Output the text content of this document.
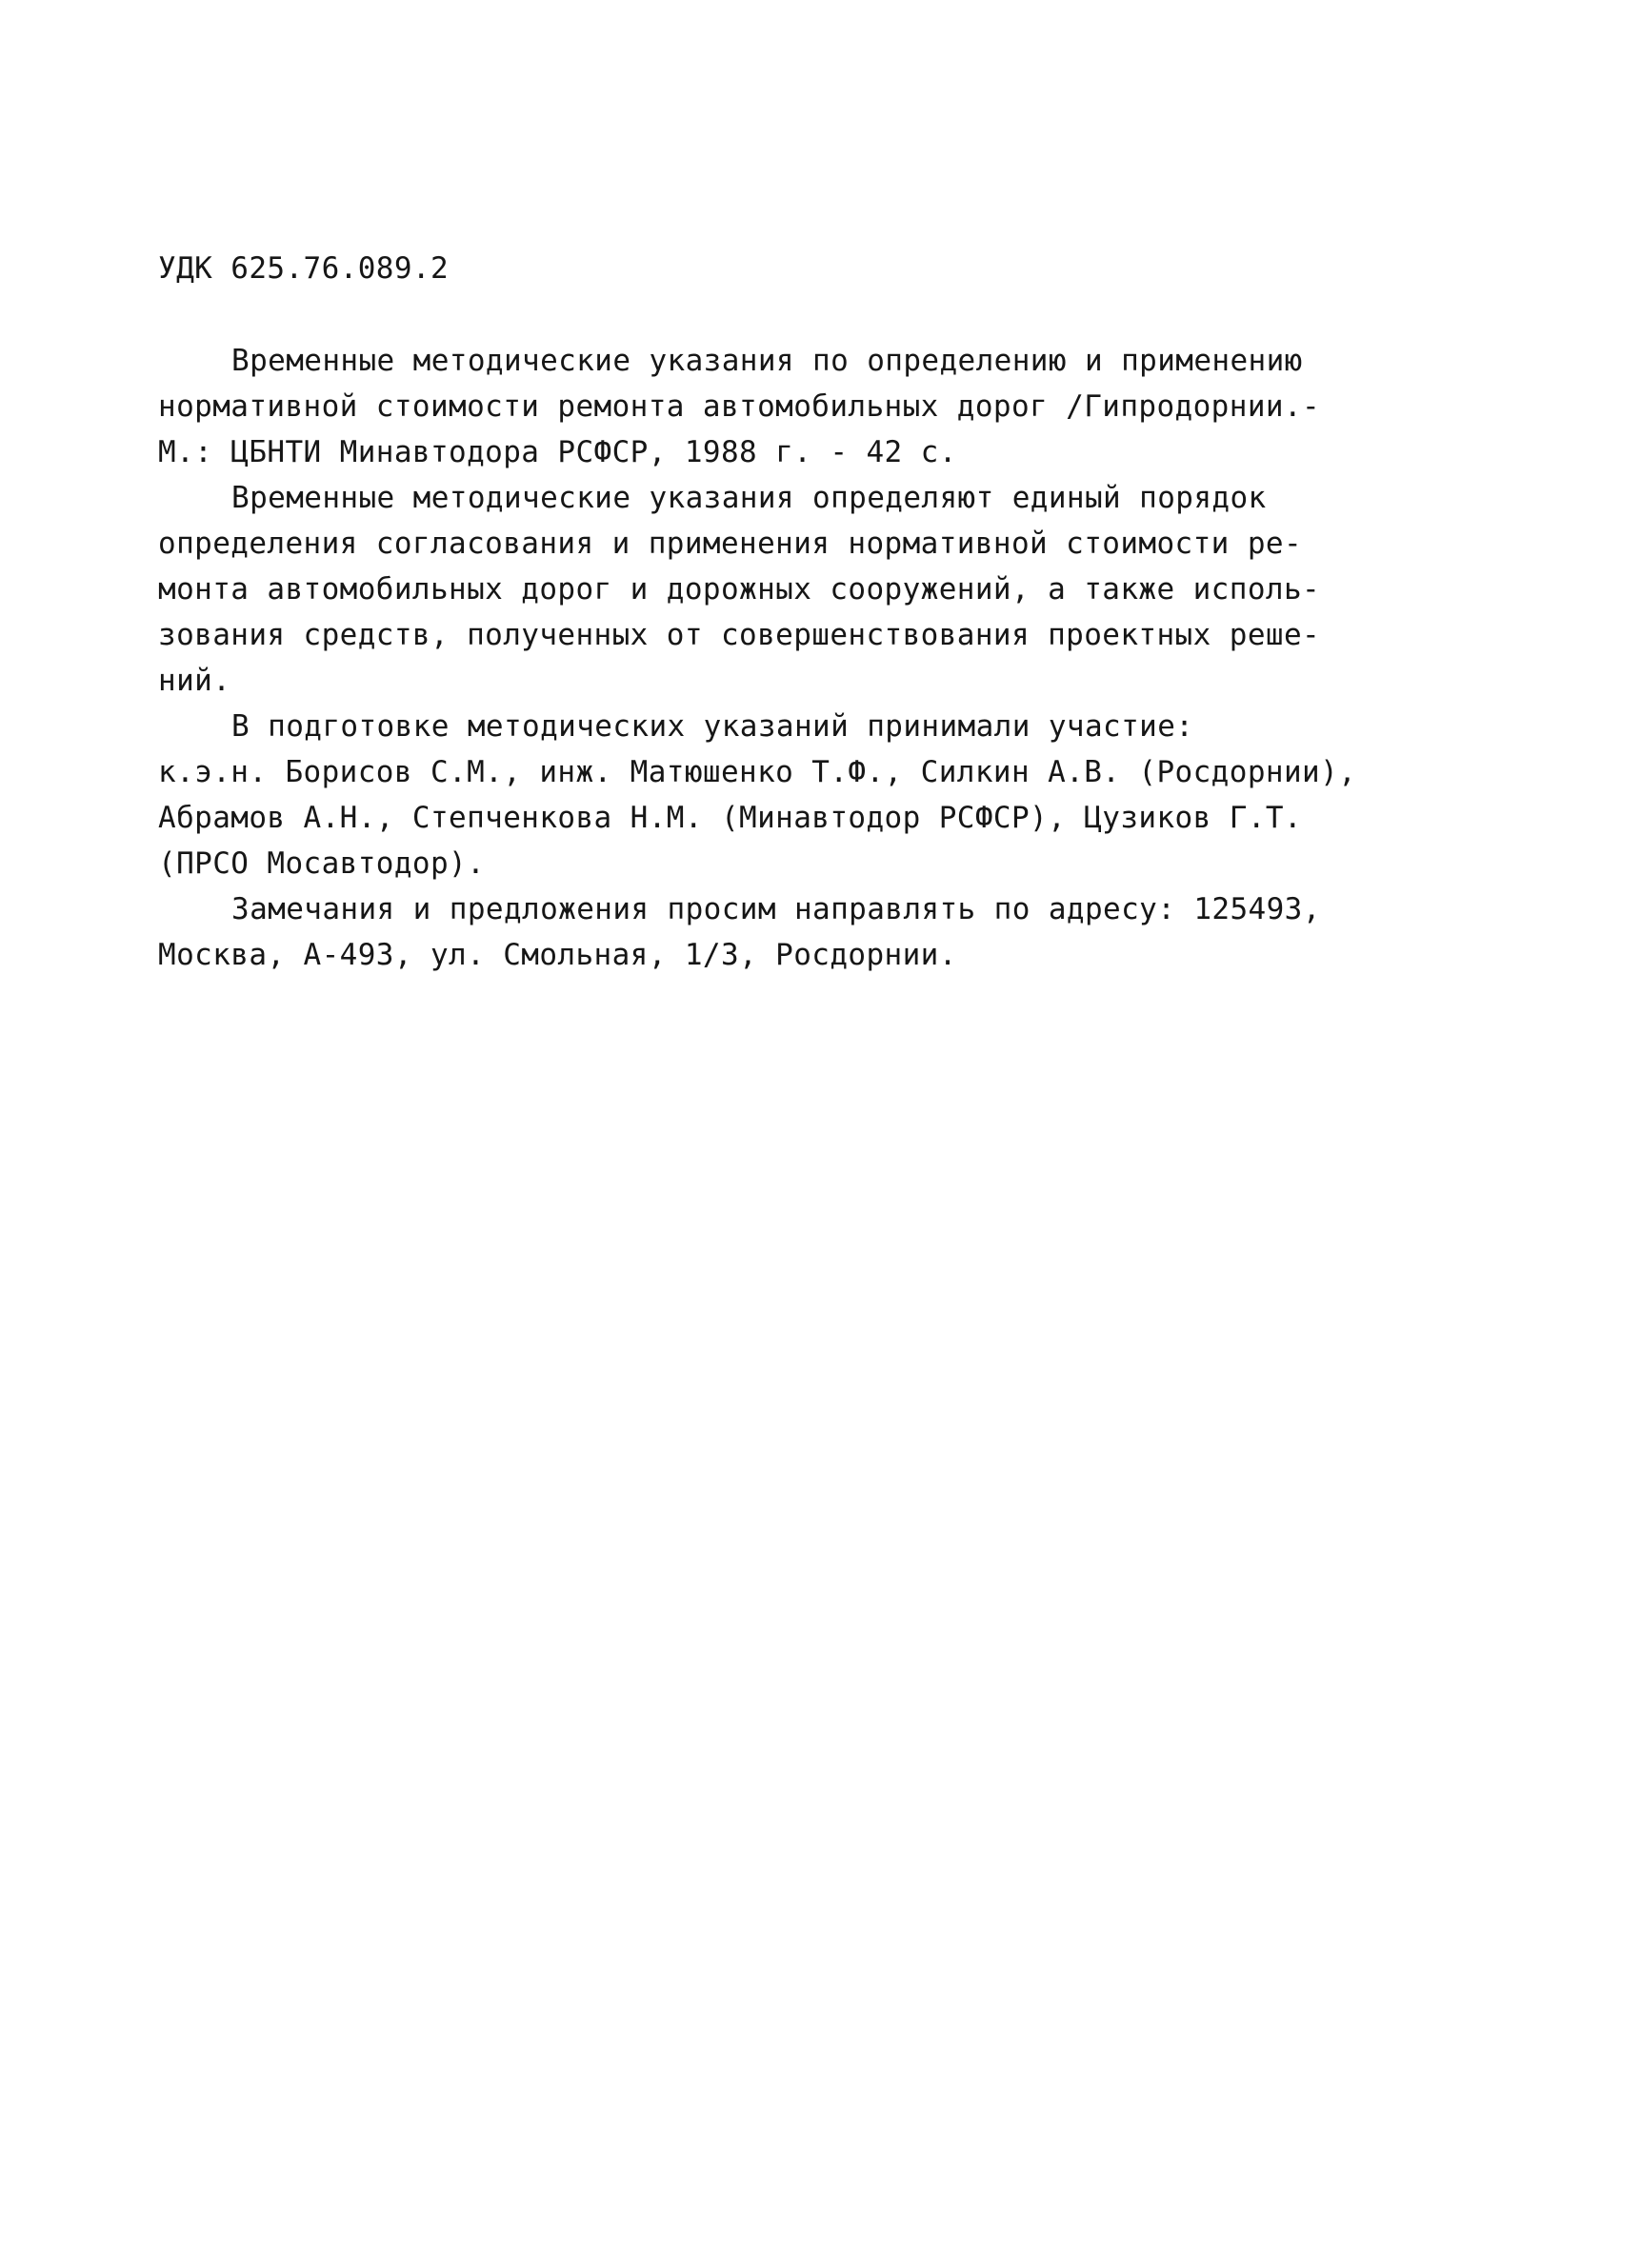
УДК 625.76.089.2
Временные методические указания по определению и применению
нормативной стоимости ремонта автомобильных дорог /Гипродорнии.-
М.: ЦБНТИ Минавтодора РСФСР, 1988 г. - 42 с.
Временные методические указания определяют единый порядок
определения согласования и применения нормативной стоимости ре-
монта автомобильных дорог и дорожных сооружений, а также исполь-
зования средств, полученных от совершенствования проектных реше-
ний.
В подготовке методических указаний принимали участие:
к.э.н. Борисов С.М., инж. Матюшенко Т.Ф., Силкин А.В. (Росдорнии),
Абрамов А.Н., Степченкова Н.М. (Минавтодор РСФСР), Цузиков Г.Т.
(ПРСО Мосавтодор).
Замечания и предложения просим направлять по адресу: 125493,
Москва, А-493, ул. Смольная, 1/3, Росдорнии.
